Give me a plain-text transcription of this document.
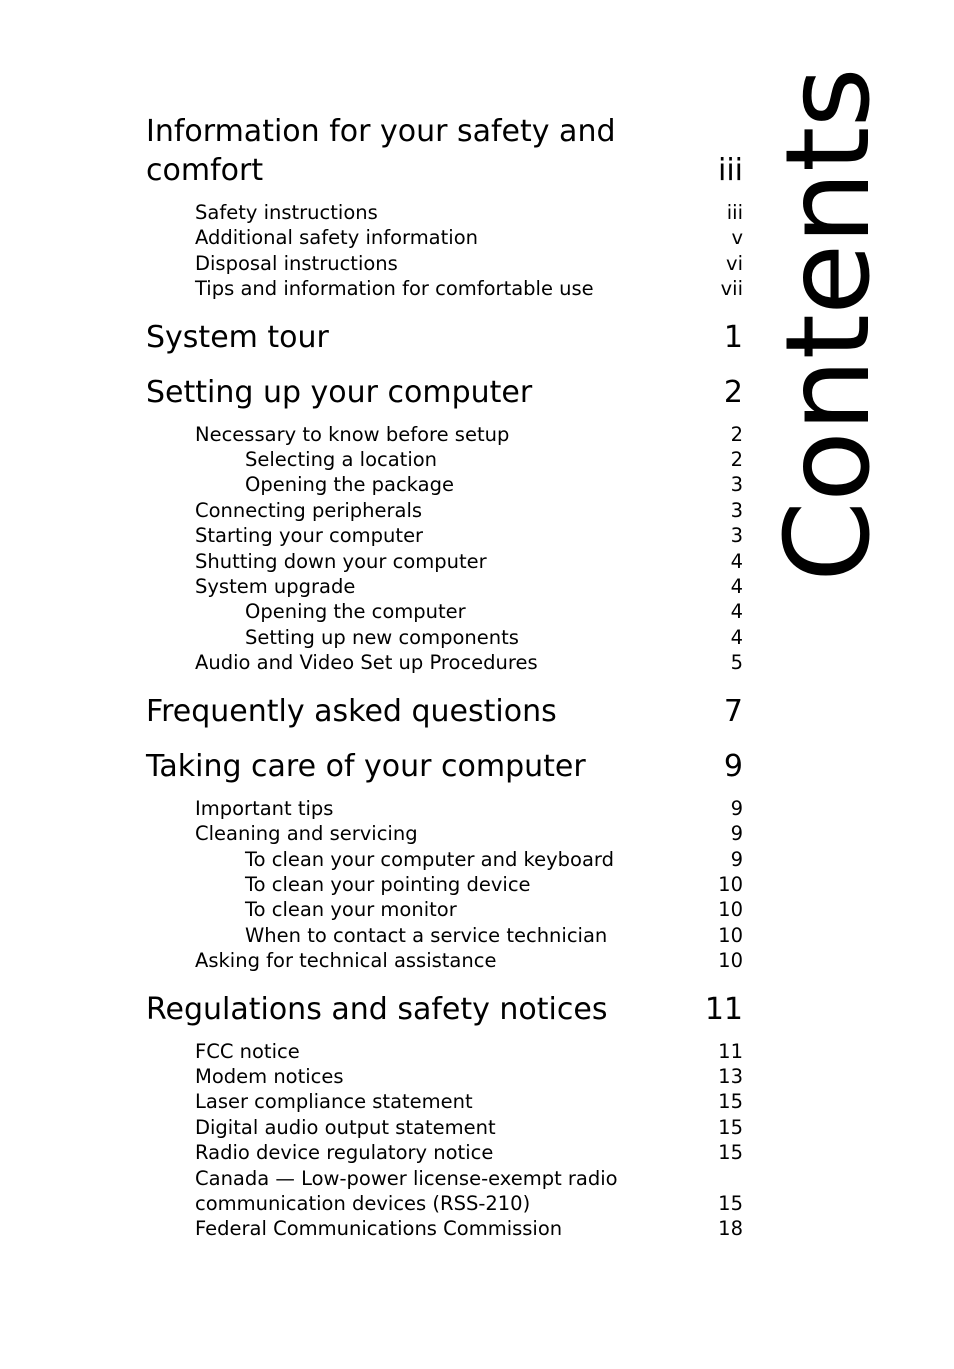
Information for your safety and comfort	iii
Safety instructions	iii
Additional safety information	v
Disposal instructions	vi
Tips and information for comfortable use	vii
System tour	1
Setting up your computer	2
Necessary to know before setup	2
Selecting a location	2
Opening the package	3
Connecting peripherals	3
Starting your computer	3
Shutting down your computer	4
System upgrade	4
Opening the computer	4
Setting up new components	4
Audio and Video Set up Procedures	5
Frequently asked questions	7
Taking care of your computer	9
Important tips	9
Cleaning and servicing	9
To clean your computer and keyboard	9
To clean your pointing device	10
To clean your monitor	10
When to contact a service technician	10
Asking for technical assistance	10
Regulations and safety notices	11
FCC notice	11
Modem notices	13
Laser compliance statement	15
Digital audio output statement	15
Radio device regulatory notice	15
Canada — Low-power license-exempt radio communication devices (RSS-210)	15
Federal Communications Commission	18
Contents
